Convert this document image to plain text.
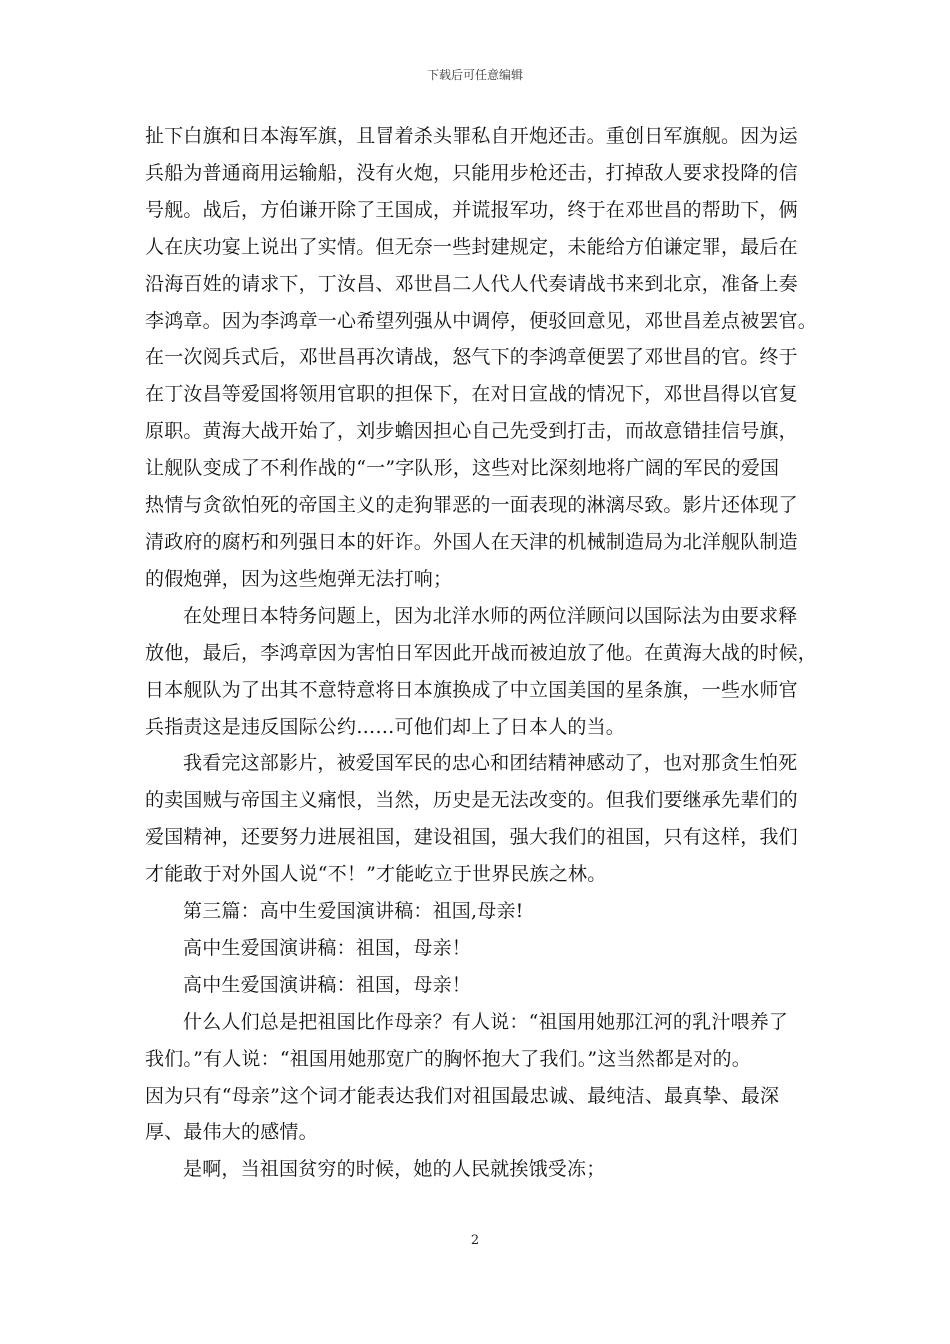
下载后可任意编辑
扯下白旗和日本海军旗，且冒着杀头罪私自开炮还击。重创日军旗舰。因为运
兵船为普通商用运输船，没有火炮，只能用步枪还击，打掉敌人要求投降的信
号舰。战后，方伯谦开除了王国成，并谎报军功，终于在邓世昌的帮助下，俩
人在庆功宴上说出了实情。但无奈一些封建规定，未能给方伯谦定罪，最后在
沿海百姓的请求下，丁汝昌、邓世昌二人代人代奏请战书来到北京，准备上奏
李鸿章。因为李鸿章一心希望列强从中调停，便驳回意见，邓世昌差点被罢官。
在一次阅兵式后，邓世昌再次请战，怒气下的李鸿章便罢了邓世昌的官。终于
在丁汝昌等爱国将领用官职的担保下，在对日宣战的情况下，邓世昌得以官复
原职。黄海大战开始了，刘步蟾因担心自己先受到打击，而故意错挂信号旗，
让舰队变成了不利作战的“一”字队形，这些对比深刻地将广阔的军民的爱国
热情与贪欲怕死的帝国主义的走狗罪恶的一面表现的淋漓尽致。影片还体现了
清政府的腐朽和列强日本的奸诈。外国人在天津的机械制造局为北洋舰队制造
的假炮弹，因为这些炮弹无法打响；
在处理日本特务问题上，因为北洋水师的两位洋顾问以国际法为由要求释
放他，最后，李鸿章因为害怕日军因此开战而被迫放了他。在黄海大战的时候，
日本舰队为了出其不意特意将日本旗换成了中立国美国的星条旗，一些水师官
兵指责这是违反国际公约……可他们却上了日本人的当。
我看完这部影片，被爱国军民的忠心和团结精神感动了，也对那贪生怕死
的卖国贼与帝国主义痛恨，当然，历史是无法改变的。但我们要继承先辈们的
爱国精神，还要努力进展祖国，建设祖国，强大我们的祖国，只有这样，我们
才能敢于对外国人说“不！”才能屹立于世界民族之林。
第三篇：高中生爱国演讲稿：祖国,母亲!
高中生爱国演讲稿：祖国，母亲！
高中生爱国演讲稿：祖国，母亲！
什么人们总是把祖国比作母亲？有人说：“祖国用她那江河的乳汁喂养了
我们。”有人说：“祖国用她那宽广的胸怀抱大了我们。”这当然都是对的。
因为只有“母亲”这个词才能表达我们对祖国最忠诚、最纯洁、最真挚、最深
厚、最伟大的感情。
是啊，当祖国贫穷的时候，她的人民就挨饿受冻；
2
